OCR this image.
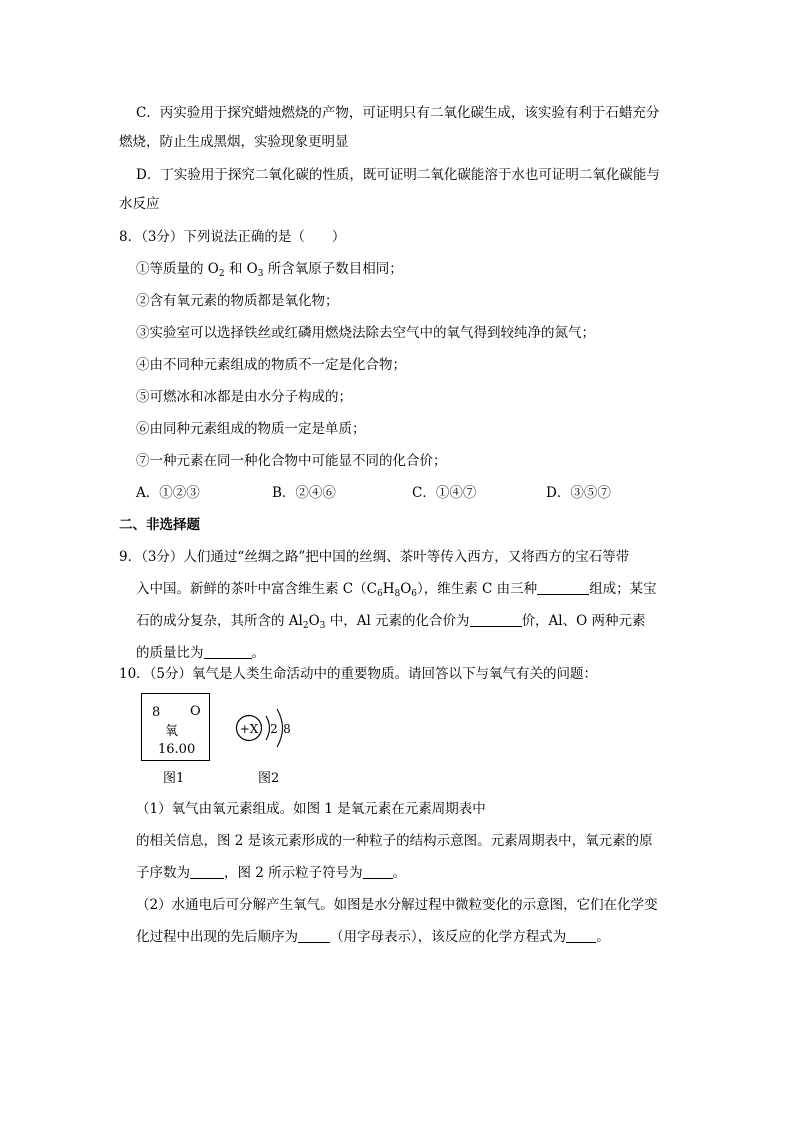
C．丙实验用于探究蜡烛燃烧的产物，可证明只有二氧化碳生成，该实验有利于石蜡充分
燃烧，防止生成黑烟，实验现象更明显
D．丁实验用于探究二氧化碳的性质，既可证明二氧化碳能溶于水也可证明二氧化碳能与
水反应
8．（3分）下列说法正确的是（　　）
①等质量的 $O_2$ 和 $O_3$ 所含氧原子数目相同；
②含有氧元素的物质都是氧化物；
③实验室可以选择铁丝或红磷用燃烧法除去空气中的氧气得到较纯净的氮气；
④由不同种元素组成的物质不一定是化合物；
⑤可燃冰和冰都是由水分子构成的；
⑥由同种元素组成的物质一定是单质；
⑦一种元素在同一种化合物中可能显不同的化合价；
A．①②③	B．②④⑥	C．①④⑦	D．③⑤⑦
二、非选择题
9．（3分）人们通过“丝绸之路”把中国的丝绸、茶叶等传入西方，又将西方的宝石等带
入中国。新鲜的茶叶中富含维生素 $C(C_6H_8O_6)$，维生素 C 由三种	组成；某宝
石的成分复杂，其所含的 $Al_2O_3$ 中，Al 元素的化合价为	价，Al、O 两种元素
的质量比为	。
10．（5分）氧气是人类生命活动中的重要物质。请回答以下与氧气有关的问题：
8 O
氧
16.00
图1
+X 2 8
图2
（1）氧气由氧元素组成。如图 1 是氧元素在元素周期表中
的相关信息，图 2 是该元素形成的一种粒子的结构示意图。元素周期表中，氧元素的原
子序数为	，图 2 所示粒子符号为 。
（2）水通电后可分解产生氧气。如图是水分解过程中微粒变化的示意图，它们在化学变
化过程中出现的先后顺序为 （用字母表示），该反应的化学方程式为 。
